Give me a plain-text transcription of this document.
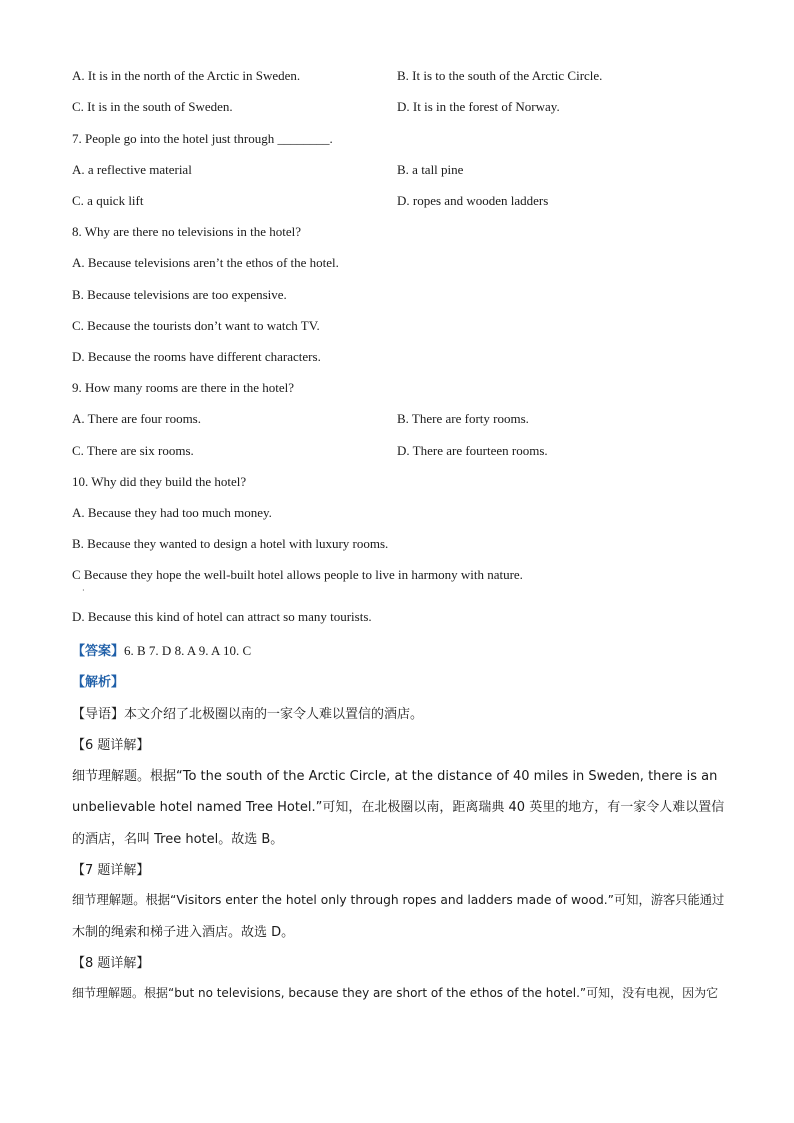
A. It is in the north of the Arctic in Sweden.	B. It is to the south of the Arctic Circle.
C. It is in the south of Sweden.	D. It is in the forest of Norway.
7. People go into the hotel just through ________.
A. a reflective material	B. a tall pine
C. a quick lift	D. ropes and wooden ladders
8. Why are there no televisions in the hotel?
A. Because televisions aren’t the ethos of the hotel.
B. Because televisions are too expensive.
C. Because the tourists don’t want to watch TV.
D. Because the rooms have different characters.
9. How many rooms are there in the hotel?
A. There are four rooms.	B. There are forty rooms.
C. There are six rooms.	D. There are fourteen rooms.
10. Why did they build the hotel?
A. Because they had too much money.
B. Because they wanted to design a hotel with luxury rooms.
C Because they hope the well-built hotel allows people to live in harmony with nature.
·
D. Because this kind of hotel can attract so many tourists.
【答案】6. B 7. D 8. A 9. A 10. C
【解析】
【导语】本文介绍了北极圈以南的一家令人难以置信的酒店。
【6 题详解】
细节理解题。根据“To the south of the Arctic Circle, at the distance of 40 miles in Sweden, there is an
unbelievable hotel named Tree Hotel.”可知，在北极圈以南，距离瑞典 40 英里的地方，有一家令人难以置信
的酒店，名叫 Tree hotel。故选 B。
【7 题详解】
细节理解题。根据“Visitors enter the hotel only through ropes and ladders made of wood.”可知，游客只能通过
木制的绳索和梯子进入酒店。故选 D。
【8 题详解】
细节理解题。根据“but no televisions, because they are short of the ethos of the hotel.”可知，没有电视，因为它
